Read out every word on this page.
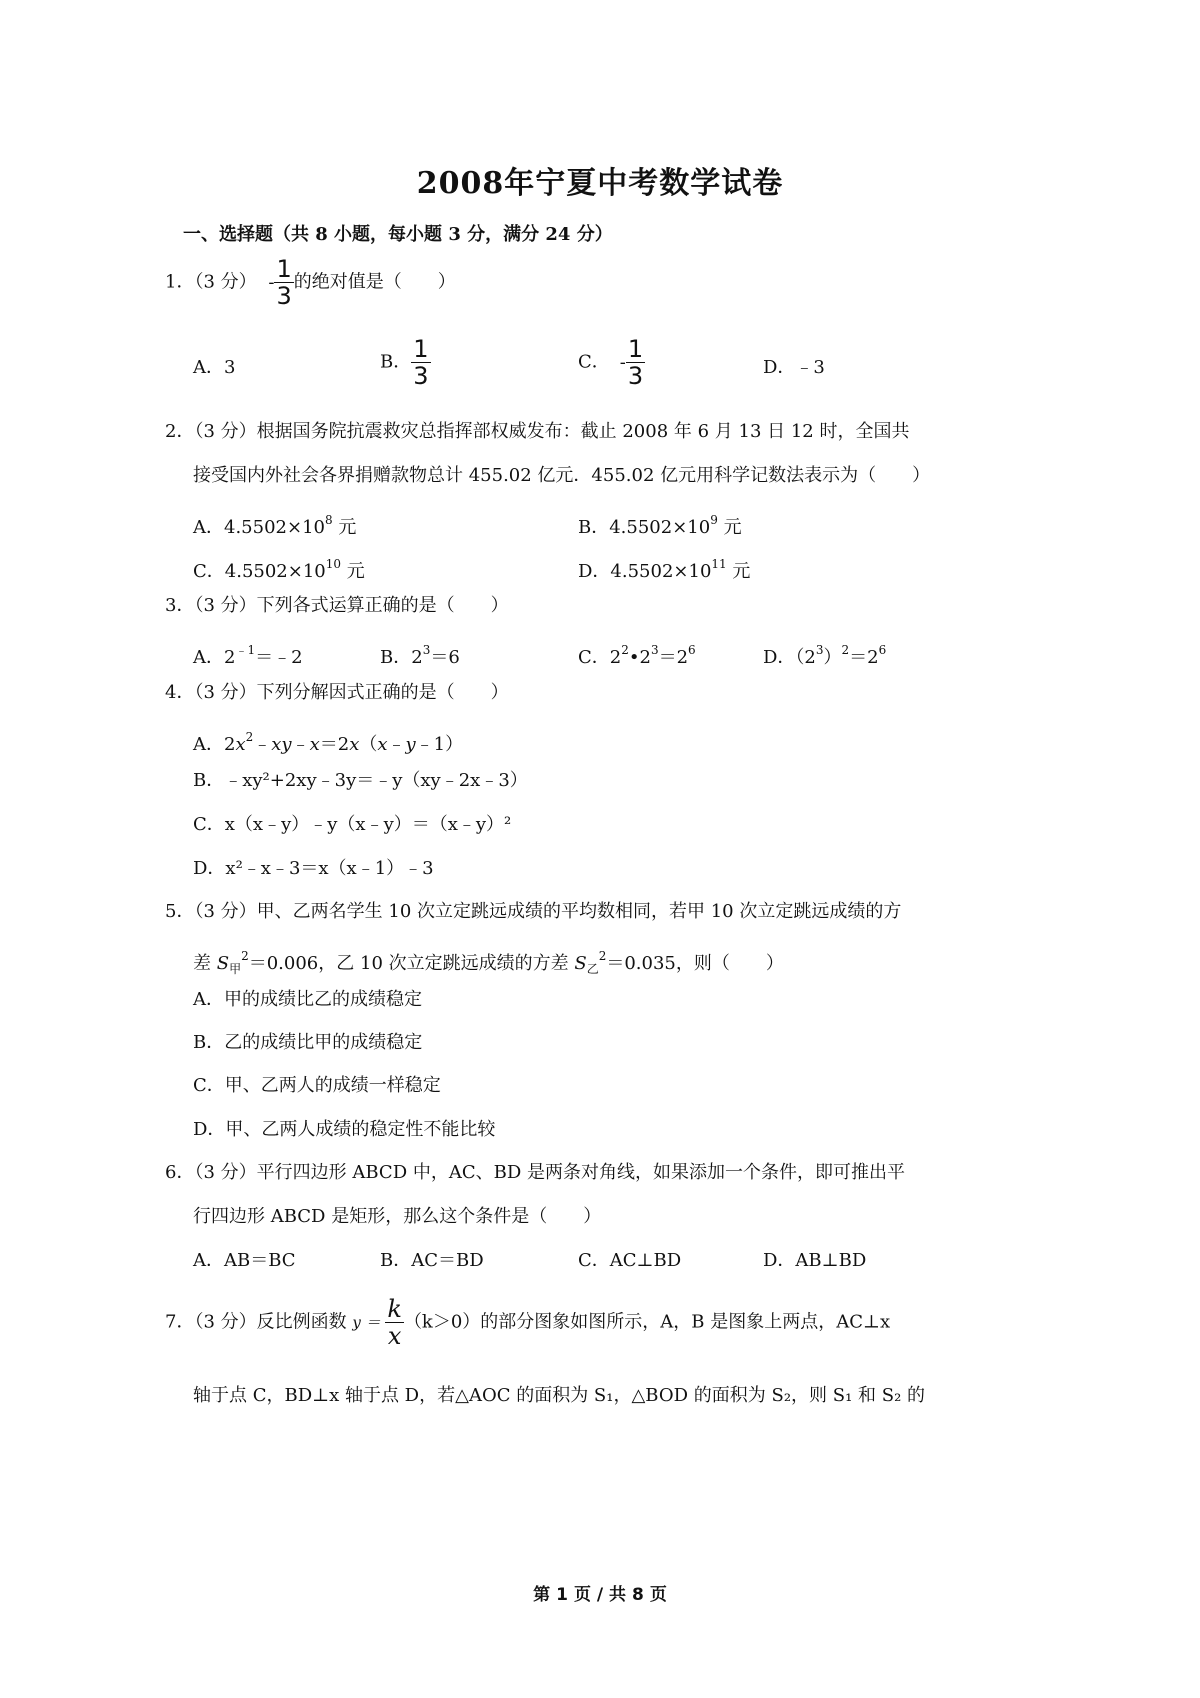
2008年宁夏中考数学试卷
一、选择题（共 8 小题，每小题 3 分，满分 24 分）
1．（3 分） - $\frac{1}{3}$ 的绝对值是（　　）
A．3	B． $\frac{1}{3}$	C． - $\frac{1}{3}$	D．﹣3
2．（3 分）根据国务院抗震救灾总指挥部权威发布：截止 2008 年 6 月 13 日 12 时，全国共
接受国内外社会各界捐赠款物总计 455.02 亿元．455.02 亿元用科学记数法表示为（　　）
A．$4.5502\times 10^8$ 元	B．$4.5502\times 10^9$ 元
C．$4.5502\times 10^{10}$ 元	D．$4.5502\times 10^{11}$ 元
3．（3 分）下列各式运算正确的是（　　）
A．$2^{﹣1}=﹣2$	B．$2^3=6$	C．$2^2•2^3=2^6$	D．$(2^3)^2=2^6$
4．（3 分）下列分解因式正确的是（　　）
A．$2x^2﹣xy﹣x=2x(x﹣y﹣1)$
B．﹣xy²+2xy﹣3y＝﹣y（xy﹣2x﹣3）
C．x（x﹣y）﹣y（x﹣y）＝（x﹣y）²
D．x²﹣x﹣3＝x（x﹣1）﹣3
5．（3 分）甲、乙两名学生 10 次立定跳远成绩的平均数相同，若甲 10 次立定跳远成绩的方
差 $S_甲^2=0.006$，乙 10 次立定跳远成绩的方差 $S_乙^2=0.035$，则（　　）
A．甲的成绩比乙的成绩稳定
B．乙的成绩比甲的成绩稳定
C．甲、乙两人的成绩一样稳定
D．甲、乙两人成绩的稳定性不能比较
6．（3 分）平行四边形 ABCD 中，AC、BD 是两条对角线，如果添加一个条件，即可推出平
行四边形 ABCD 是矩形，那么这个条件是（　　）
A．AB＝BC	B．AC＝BD	C．AC⊥BD	D．AB⊥BD
7．（3 分）反比例函数 $y = \frac{k}{x} (k>0)$的部分图象如图所示，A，B 是图象上两点，AC⊥x
轴于点 C，BD⊥x 轴于点 D，若△AOC 的面积为 S₁，△BOD 的面积为 S₂，则 S₁ 和 S₂ 的
第 1 页 / 共 8 页
